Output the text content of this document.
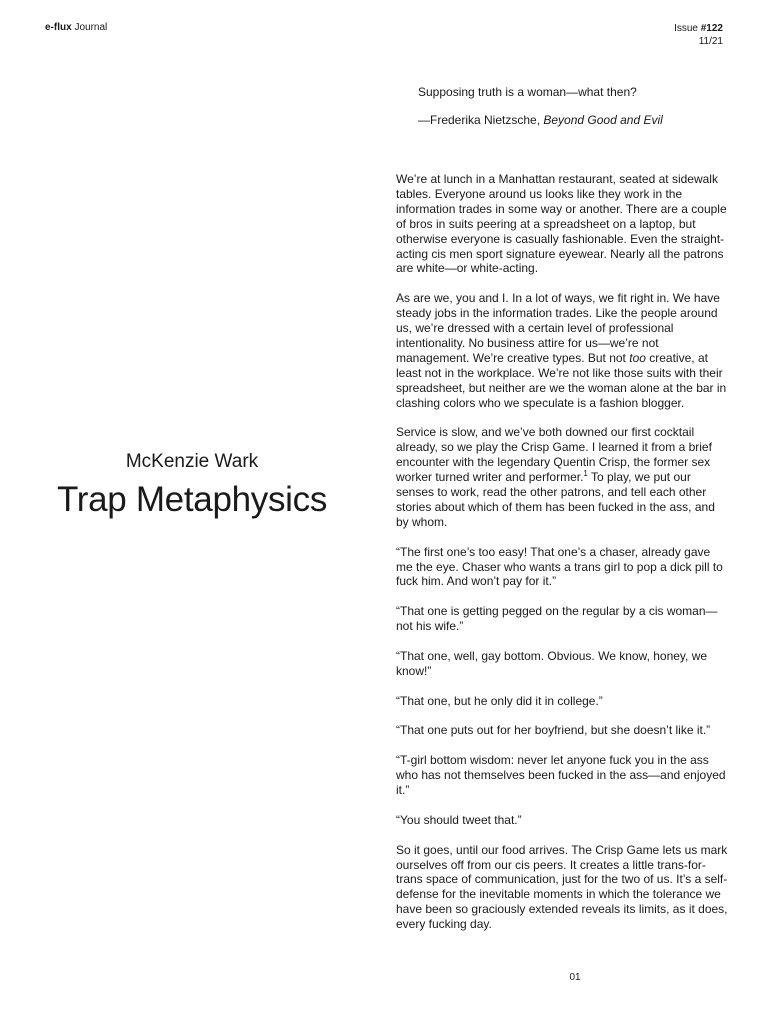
e-flux Journal	Issue #122
11/21

Supposing truth is a woman—what then?

—Frederika Nietzsche, Beyond Good and Evil

McKenzie Wark
Trap Metaphysics

We’re at lunch in a Manhattan restaurant, seated at sidewalk tables. Everyone around us looks like they work in the information trades in some way or another. There are a couple of bros in suits peering at a spreadsheet on a laptop, but otherwise everyone is casually fashionable. Even the straight-acting cis men sport signature eyewear. Nearly all the patrons are white—or white-acting.

As are we, you and I. In a lot of ways, we fit right in. We have steady jobs in the information trades. Like the people around us, we’re dressed with a certain level of professional intentionality. No business attire for us—we’re not management. We’re creative types. But not too creative, at least not in the workplace. We’re not like those suits with their spreadsheet, but neither are we the woman alone at the bar in clashing colors who we speculate is a fashion blogger.

Service is slow, and we’ve both downed our first cocktail already, so we play the Crisp Game. I learned it from a brief encounter with the legendary Quentin Crisp, the former sex worker turned writer and performer.$^1$ To play, we put our senses to work, read the other patrons, and tell each other stories about which of them has been fucked in the ass, and by whom.

“The first one’s too easy! That one’s a chaser, already gave me the eye. Chaser who wants a trans girl to pop a dick pill to fuck him. And won’t pay for it.”

“That one is getting pegged on the regular by a cis woman—not his wife.”

“That one, well, gay bottom. Obvious. We know, honey, we know!”

“That one, but he only did it in college.”

“That one puts out for her boyfriend, but she doesn’t like it.”

“T-girl bottom wisdom: never let anyone fuck you in the ass who has not themselves been fucked in the ass—and enjoyed it.”

“You should tweet that.”

So it goes, until our food arrives. The Crisp Game lets us mark ourselves off from our cis peers. It creates a little trans-for-trans space of communication, just for the two of us. It’s a self-defense for the inevitable moments in which the tolerance we have been so graciously extended reveals its limits, as it does, every fucking day.

01
